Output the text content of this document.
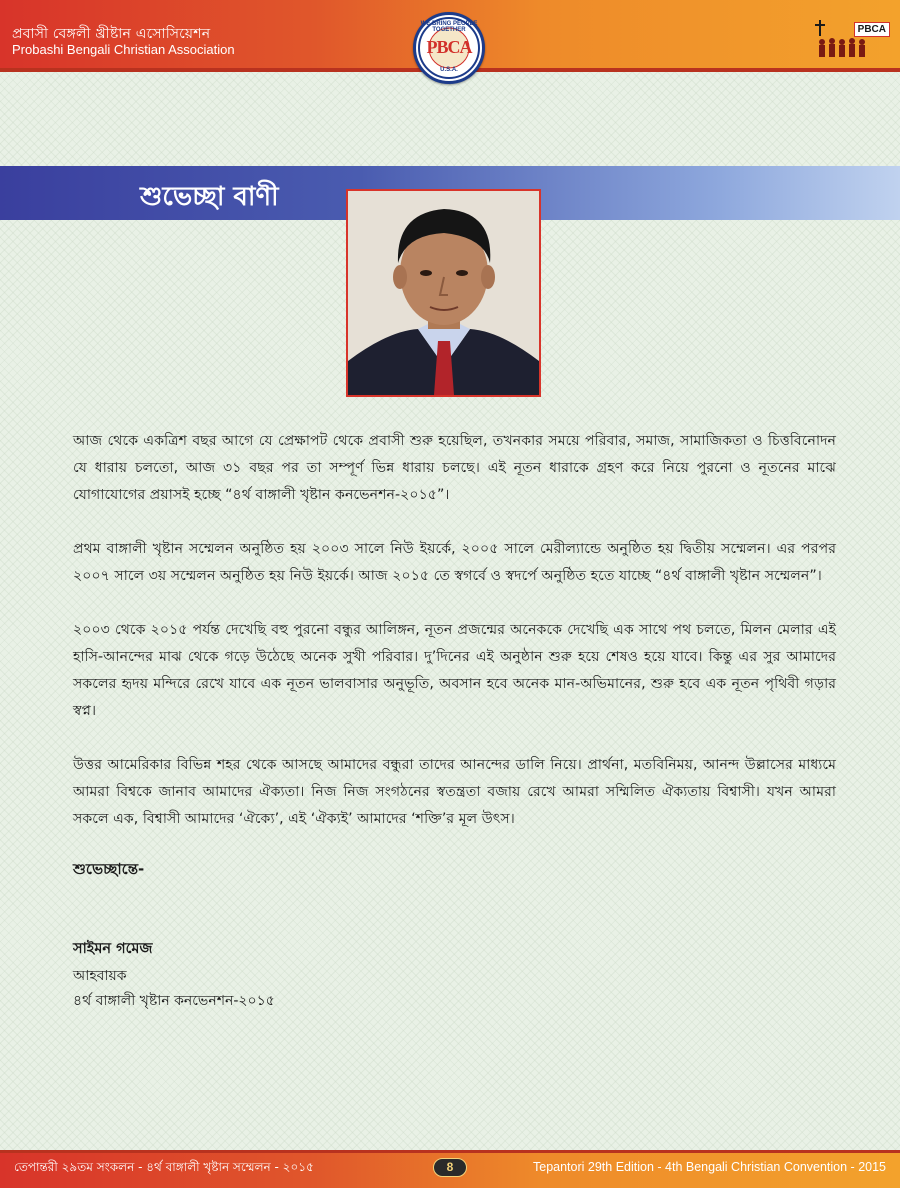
প্রবাসী বেঙ্গলী খ্রীষ্টান এসোসিয়েশন
Probashi Bengali Christian Association
WE BRING PEOPLE TOGETHER
PBCA
U.S.A.
PBCA
শুভেচ্ছা বাণী

আজ থেকে একত্রিশ বছর আগে যে প্রেক্ষাপট থেকে প্রবাসী শুরু হয়েছিল, তখনকার সময়ে পরিবার, সমাজ, সামাজিকতা ও চিত্তবিনোদন যে ধারায় চলতো, আজ ৩১ বছর পর তা সম্পূর্ণ ভিন্ন ধারায় চলছে। এই নূতন ধারাকে গ্রহণ করে নিয়ে পুরনো ও নূতনের মাঝে যোগাযোগের প্রয়াসই হচ্ছে “৪র্থ বাঙ্গালী খৃষ্টান কনভেনশন-২০১৫”।

প্রথম বাঙ্গালী খৃষ্টান সম্মেলন অনুষ্ঠিত হয় ২০০৩ সালে নিউ ইয়র্কে, ২০০৫ সালে মেরীল্যান্ডে অনুষ্ঠিত হয় দ্বিতীয় সম্মেলন। এর পরপর ২০০৭ সালে ৩য় সম্মেলন অনুষ্ঠিত হয় নিউ ইয়র্কে। আজ ২০১৫ তে স্বগর্বে ও স্বদর্পে অনুষ্ঠিত হতে যাচ্ছে “৪র্থ বাঙ্গালী খৃষ্টান সম্মেলন”।

২০০৩ থেকে ২০১৫ পর্যন্ত দেখেছি বহু পুরনো বন্ধুর আলিঙ্গন, নূতন প্রজন্মের অনেককে দেখেছি এক সাথে পথ চলতে, মিলন মেলার এই হাসি-আনন্দের মাঝ থেকে গড়ে উঠেছে অনেক সুখী পরিবার। দু’দিনের এই অনুষ্ঠান শুরু হয়ে শেষও হয়ে যাবে। কিন্তু এর সুর আমাদের সকলের হৃদয় মন্দিরে রেখে যাবে এক নূতন ভালবাসার অনুভূতি, অবসান হবে অনেক মান-অভিমানের, শুরু হবে এক নূতন পৃথিবী গড়ার স্বপ্ন।

উত্তর আমেরিকার বিভিন্ন শহর থেকে আসছে আমাদের বন্ধুরা তাদের আনন্দের ডালি নিয়ে। প্রার্থনা, মতবিনিময়, আনন্দ উল্লাসের মাধ্যমে আমরা বিশ্বকে জানাব আমাদের ঐক্যতা। নিজ নিজ সংগঠনের স্বতন্ত্রতা বজায় রেখে আমরা সম্মিলিত ঐক্যতায় বিশ্বাসী। যখন আমরা সকলে এক, বিশ্বাসী আমাদের ‘ঐক্যে’, এই ‘ঐক্যই’ আমাদের ‘শক্তি’র মূল উৎস।

শুভেচ্ছান্তে-
সাইমন গমেজ
আহবায়ক
৪র্থ বাঙ্গালী খৃষ্টান কনভেনশন-২০১৫
তেপান্তরী ২৯তম সংকলন - ৪র্থ বাঙ্গালী খৃষ্টান সম্মেলন - ২০১৫	8	Tepantori 29th Edition - 4th Bengali Christian Convention - 2015
